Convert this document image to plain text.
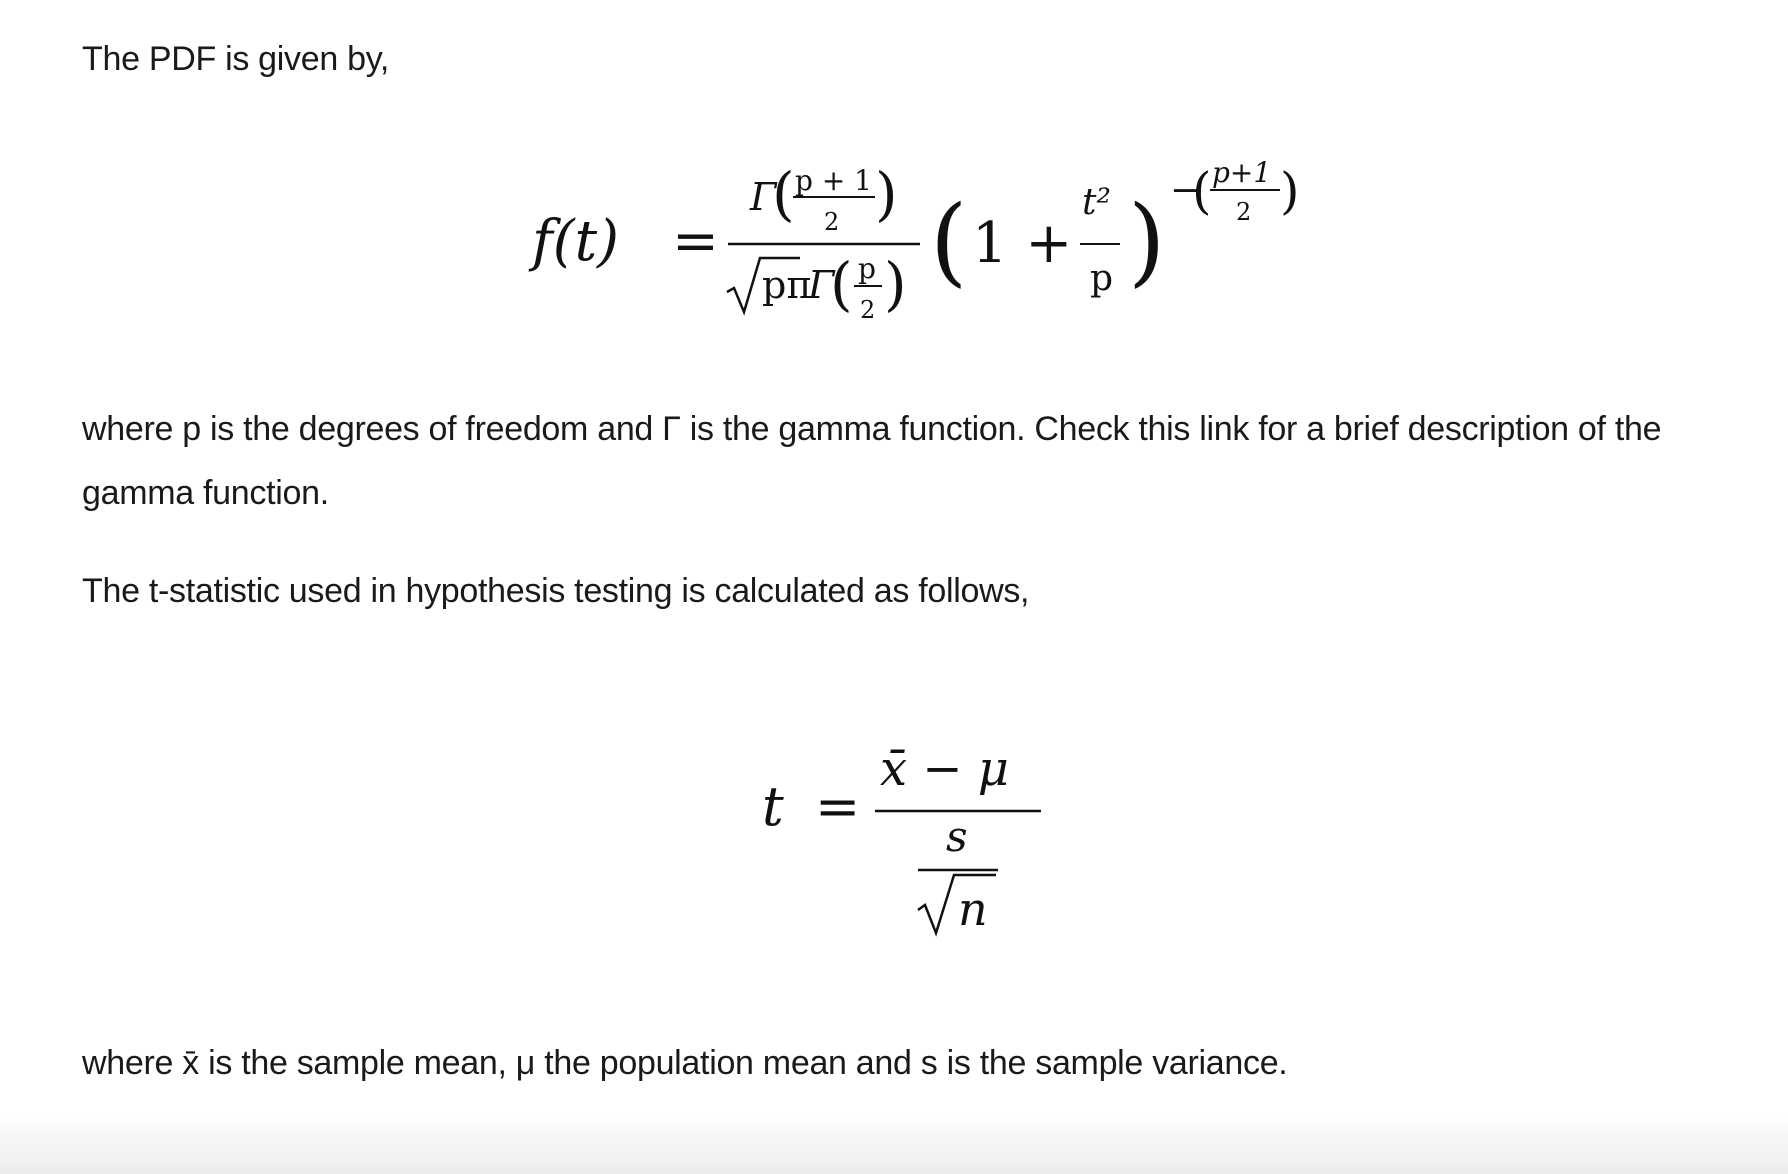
The PDF is given by,
f(t) =
Γ
( p + 1
2 )
pπ
Γ
( p
2 ) ( 1 +
t²
p ) −
( p+1
2 )
where p is the degrees of freedom and Γ is the gamma function. Check this link for a brief description of the
gamma function.
The t-statistic used in hypothesis testing is calculated as follows,
t =
x̄ − μ
s
n
where x̄ is the sample mean, μ the population mean and s is the sample variance.
